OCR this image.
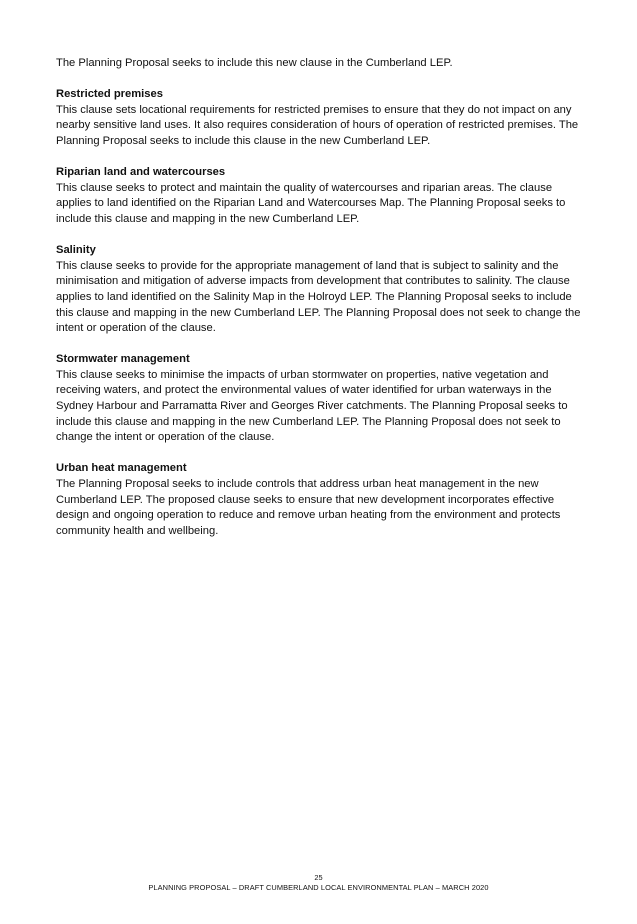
The Planning Proposal seeks to include this new clause in the Cumberland LEP.

Restricted premises

This clause sets locational requirements for restricted premises to ensure that they do not impact on any nearby sensitive land uses. It also requires consideration of hours of operation of restricted premises. The Planning Proposal seeks to include this clause in the new Cumberland LEP.

Riparian land and watercourses

This clause seeks to protect and maintain the quality of watercourses and riparian areas. The clause applies to land identified on the Riparian Land and Watercourses Map. The Planning Proposal seeks to include this clause and mapping in the new Cumberland LEP.

Salinity

This clause seeks to provide for the appropriate management of land that is subject to salinity and the minimisation and mitigation of adverse impacts from development that contributes to salinity. The clause applies to land identified on the Salinity Map in the Holroyd LEP. The Planning Proposal seeks to include this clause and mapping in the new Cumberland LEP. The Planning Proposal does not seek to change the intent or operation of the clause.

Stormwater management

This clause seeks to minimise the impacts of urban stormwater on properties, native vegetation and receiving waters, and protect the environmental values of water identified for urban waterways in the Sydney Harbour and Parramatta River and Georges River catchments. The Planning Proposal seeks to include this clause and mapping in the new Cumberland LEP. The Planning Proposal does not seek to change the intent or operation of the clause.

Urban heat management

The Planning Proposal seeks to include controls that address urban heat management in the new Cumberland LEP. The proposed clause seeks to ensure that new development incorporates effective design and ongoing operation to reduce and remove urban heating from the environment and protects community health and wellbeing.

25
PLANNING PROPOSAL – DRAFT CUMBERLAND LOCAL ENVIRONMENTAL PLAN – MARCH 2020
